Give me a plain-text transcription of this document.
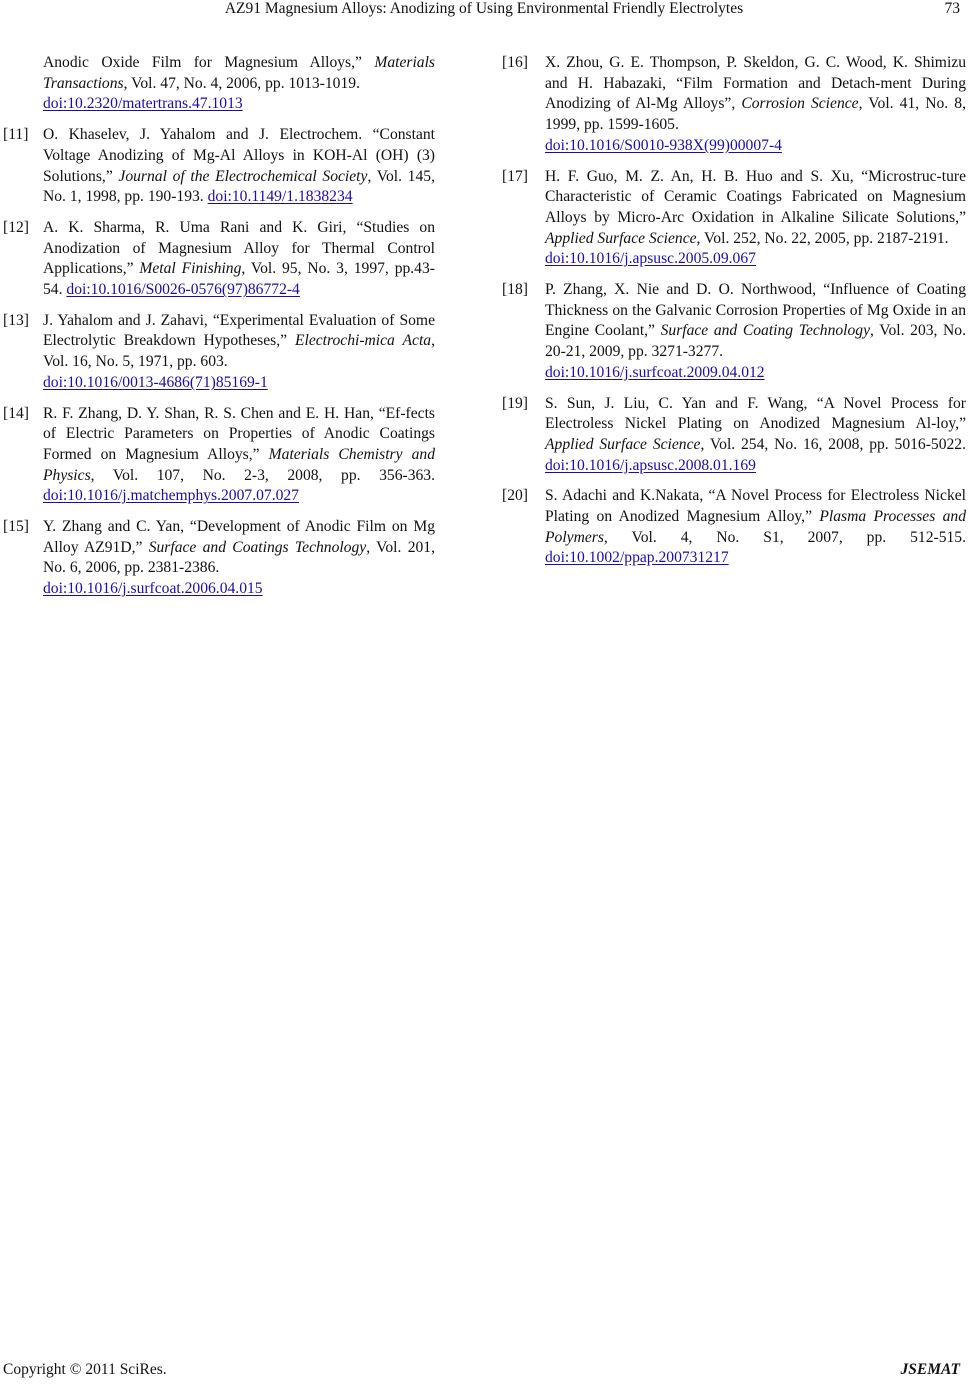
AZ91 Magnesium Alloys: Anodizing of Using Environmental Friendly Electrolytes	73
Anodic Oxide Film for Magnesium Alloys,” Materials Transactions, Vol. 47, No. 4, 2006, pp. 1013-1019.
doi:10.2320/matertrans.47.1013
[11] O. Khaselev, J. Yahalom and J. Electrochem. “Constant Voltage Anodizing of Mg-Al Alloys in KOH-Al (OH) (3) Solutions,” Journal of the Electrochemical Society, Vol. 145, No. 1, 1998, pp. 190-193. doi:10.1149/1.1838234
[12] A. K. Sharma, R. Uma Rani and K. Giri, “Studies on Anodization of Magnesium Alloy for Thermal Control Applications,” Metal Finishing, Vol. 95, No. 3, 1997, pp.43-54. doi:10.1016/S0026-0576(97)86772-4
[13] J. Yahalom and J. Zahavi, “Experimental Evaluation of Some Electrolytic Breakdown Hypotheses,” Electrochi-mica Acta, Vol. 16, No. 5, 1971, pp. 603.
doi:10.1016/0013-4686(71)85169-1
[14] R. F. Zhang, D. Y. Shan, R. S. Chen and E. H. Han, “Ef-fects of Electric Parameters on Properties of Anodic Coatings Formed on Magnesium Alloys,” Materials Chemistry and Physics, Vol. 107, No. 2-3, 2008, pp. 356-363. doi:10.1016/j.matchemphys.2007.07.027
[15] Y. Zhang and C. Yan, “Development of Anodic Film on Mg Alloy AZ91D,” Surface and Coatings Technology, Vol. 201, No. 6, 2006, pp. 2381-2386.
doi:10.1016/j.surfcoat.2006.04.015
[16]	X. Zhou, G. E. Thompson, P. Skeldon, G. C. Wood, K. Shimizu and H. Habazaki, “Film Formation and Detach-ment During Anodizing of Al-Mg Alloys”, Corrosion Science, Vol. 41, No. 8, 1999, pp. 1599-1605.
doi:10.1016/S0010-938X(99)00007-4
[17]	H. F. Guo, M. Z. An, H. B. Huo and S. Xu, “Microstruc-ture Characteristic of Ceramic Coatings Fabricated on Magnesium Alloys by Micro-Arc Oxidation in Alkaline Silicate Solutions,” Applied Surface Science, Vol. 252, No. 22, 2005, pp. 2187-2191.
doi:10.1016/j.apsusc.2005.09.067
[18]	P. Zhang, X. Nie and D. O. Northwood, “Influence of Coating Thickness on the Galvanic Corrosion Properties of Mg Oxide in an Engine Coolant,” Surface and Coating Technology, Vol. 203, No. 20-21, 2009, pp. 3271-3277.
doi:10.1016/j.surfcoat.2009.04.012
[19]	S. Sun, J. Liu, C. Yan and F. Wang, “A Novel Process for Electroless Nickel Plating on Anodized Magnesium Al-loy,” Applied Surface Science, Vol. 254, No. 16, 2008, pp. 5016-5022. doi:10.1016/j.apsusc.2008.01.169
[20]	S. Adachi and K.Nakata, “A Novel Process for Electroless Nickel Plating on Anodized Magnesium Alloy,” Plasma Processes and Polymers, Vol. 4, No. S1, 2007, pp. 512-515. doi:10.1002/ppap.200731217
Copyright © 2011 SciRes.	JSEMAT
